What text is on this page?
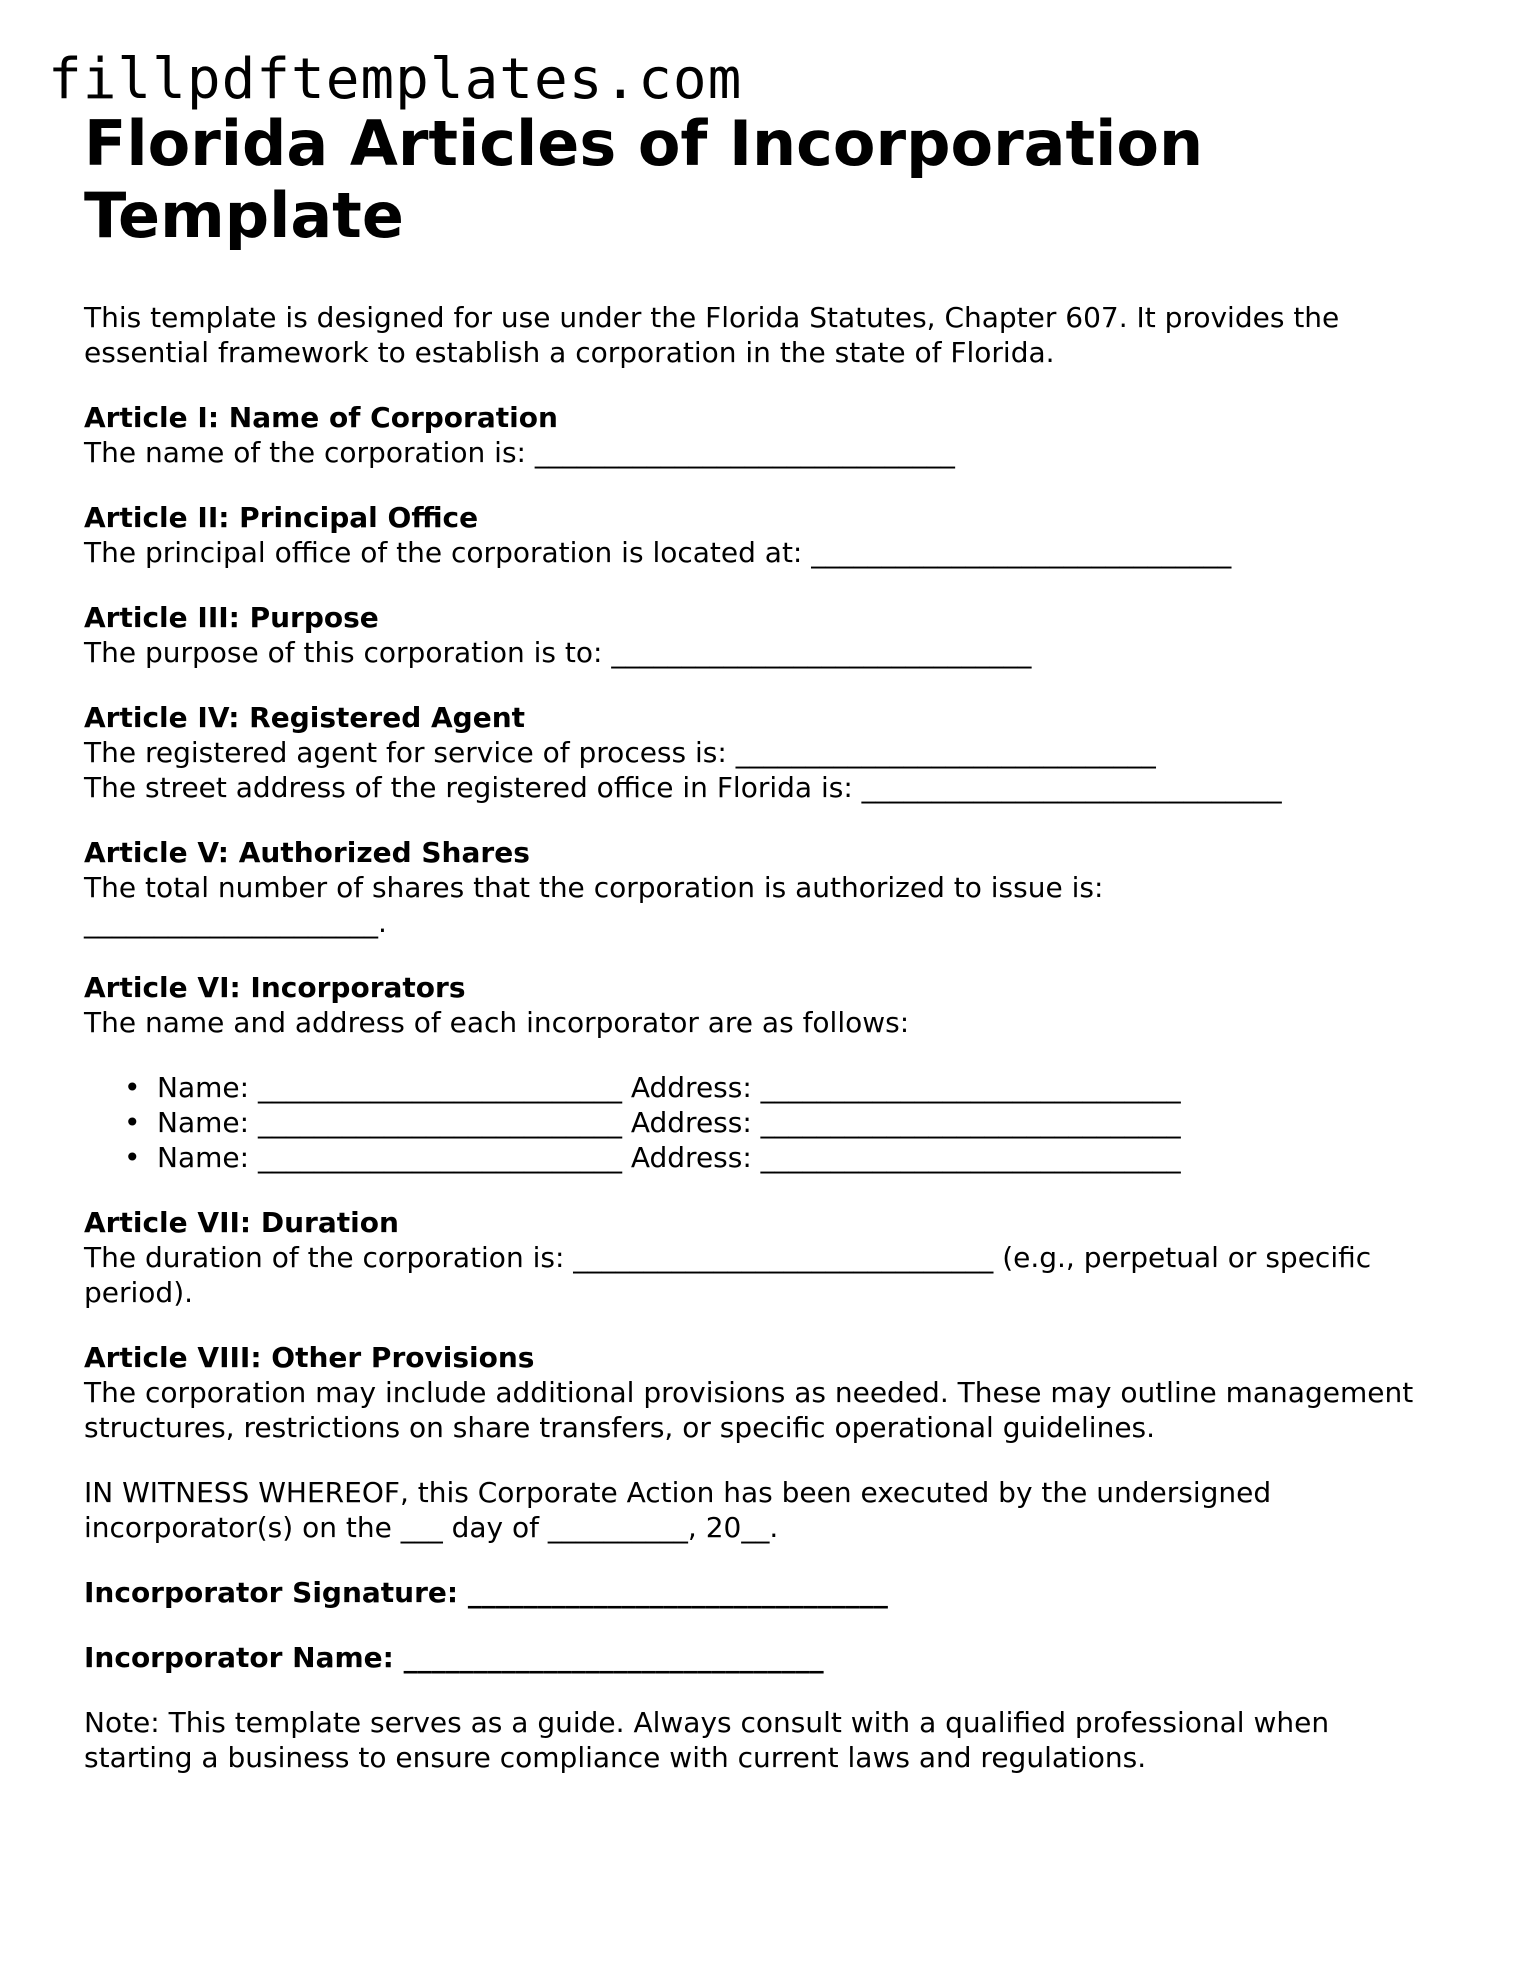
fillpdftemplates.com
Florida Articles of Incorporation Template

This template is designed for use under the Florida Statutes, Chapter 607. It provides the essential framework to establish a corporation in the state of Florida.

Article I: Name of Corporation

The name of the corporation is: ______________________________

Article II: Principal Office

The principal office of the corporation is located at: ______________________________

Article III: Purpose

The purpose of this corporation is to: ______________________________

Article IV: Registered Agent

The registered agent for service of process is: ______________________________

The street address of the registered office in Florida is: ______________________________

Article V: Authorized Shares

The total number of shares that the corporation is authorized to issue is: _____________________.

Article VI: Incorporators

The name and address of each incorporator are as follows:

• Name: __________________________ Address: ______________________________
• Name: __________________________ Address: ______________________________
• Name: __________________________ Address: ______________________________

Article VII: Duration

The duration of the corporation is: ______________________________ (e.g., perpetual or specific period).

Article VIII: Other Provisions

The corporation may include additional provisions as needed. These may outline management structures, restrictions on share transfers, or specific operational guidelines.

IN WITNESS WHEREOF, this Corporate Action has been executed by the undersigned incorporator(s) on the ___ day of __________, 20__.

Incorporator Signature: ______________________________

Incorporator Name: ______________________________

Note: This template serves as a guide. Always consult with a qualified professional when starting a business to ensure compliance with current laws and regulations.
